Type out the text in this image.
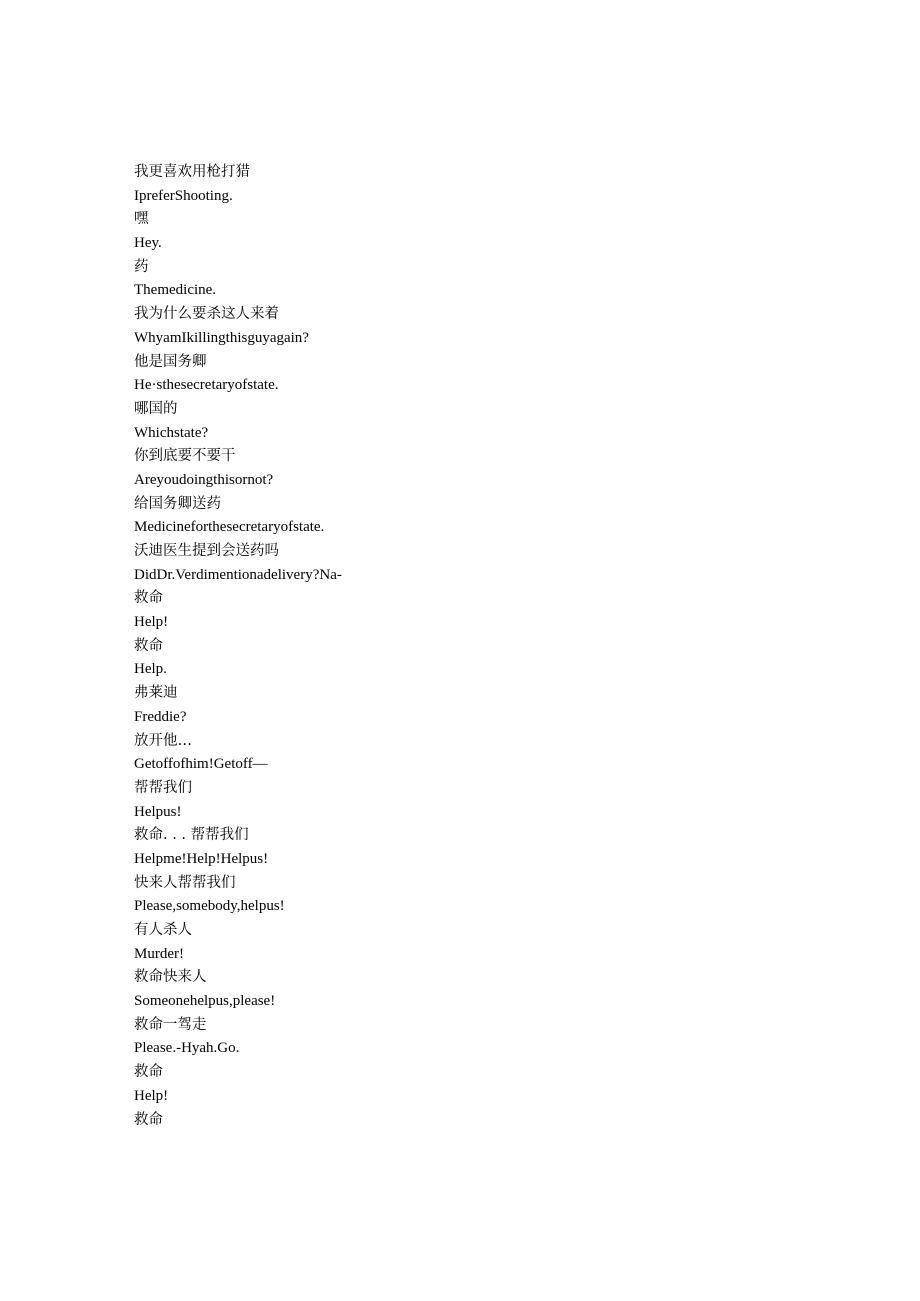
我更喜欢用枪打猎
IpreferShooting.
嘿
Hey.
药
Themedicine.
我为什么要杀这人来着
WhyamIkillingthisguyagain?
他是国务卿
He·sthesecretaryofstate.
哪国的
Whichstate?
你到底要不要干
Areyoudoingthisornot?
给国务卿送药
Medicineforthesecretaryofstate.
沃迪医生提到会送药吗
DidDr.Verdimentionadelivery?Na-
救命
Help!
救命
Help.
弗莱迪
Freddie?
放开他…
Getoffofhim!Getoff—
帮帮我们
Helpus!
救命. . . 帮帮我们
Helpme!Help!Helpus!
快来人帮帮我们
Please,somebody,helpus!
有人杀人
Murder!
救命快来人
Someonehelpus,please!
救命一驾走
Please.-Hyah.Go.
救命
Help!
救命
